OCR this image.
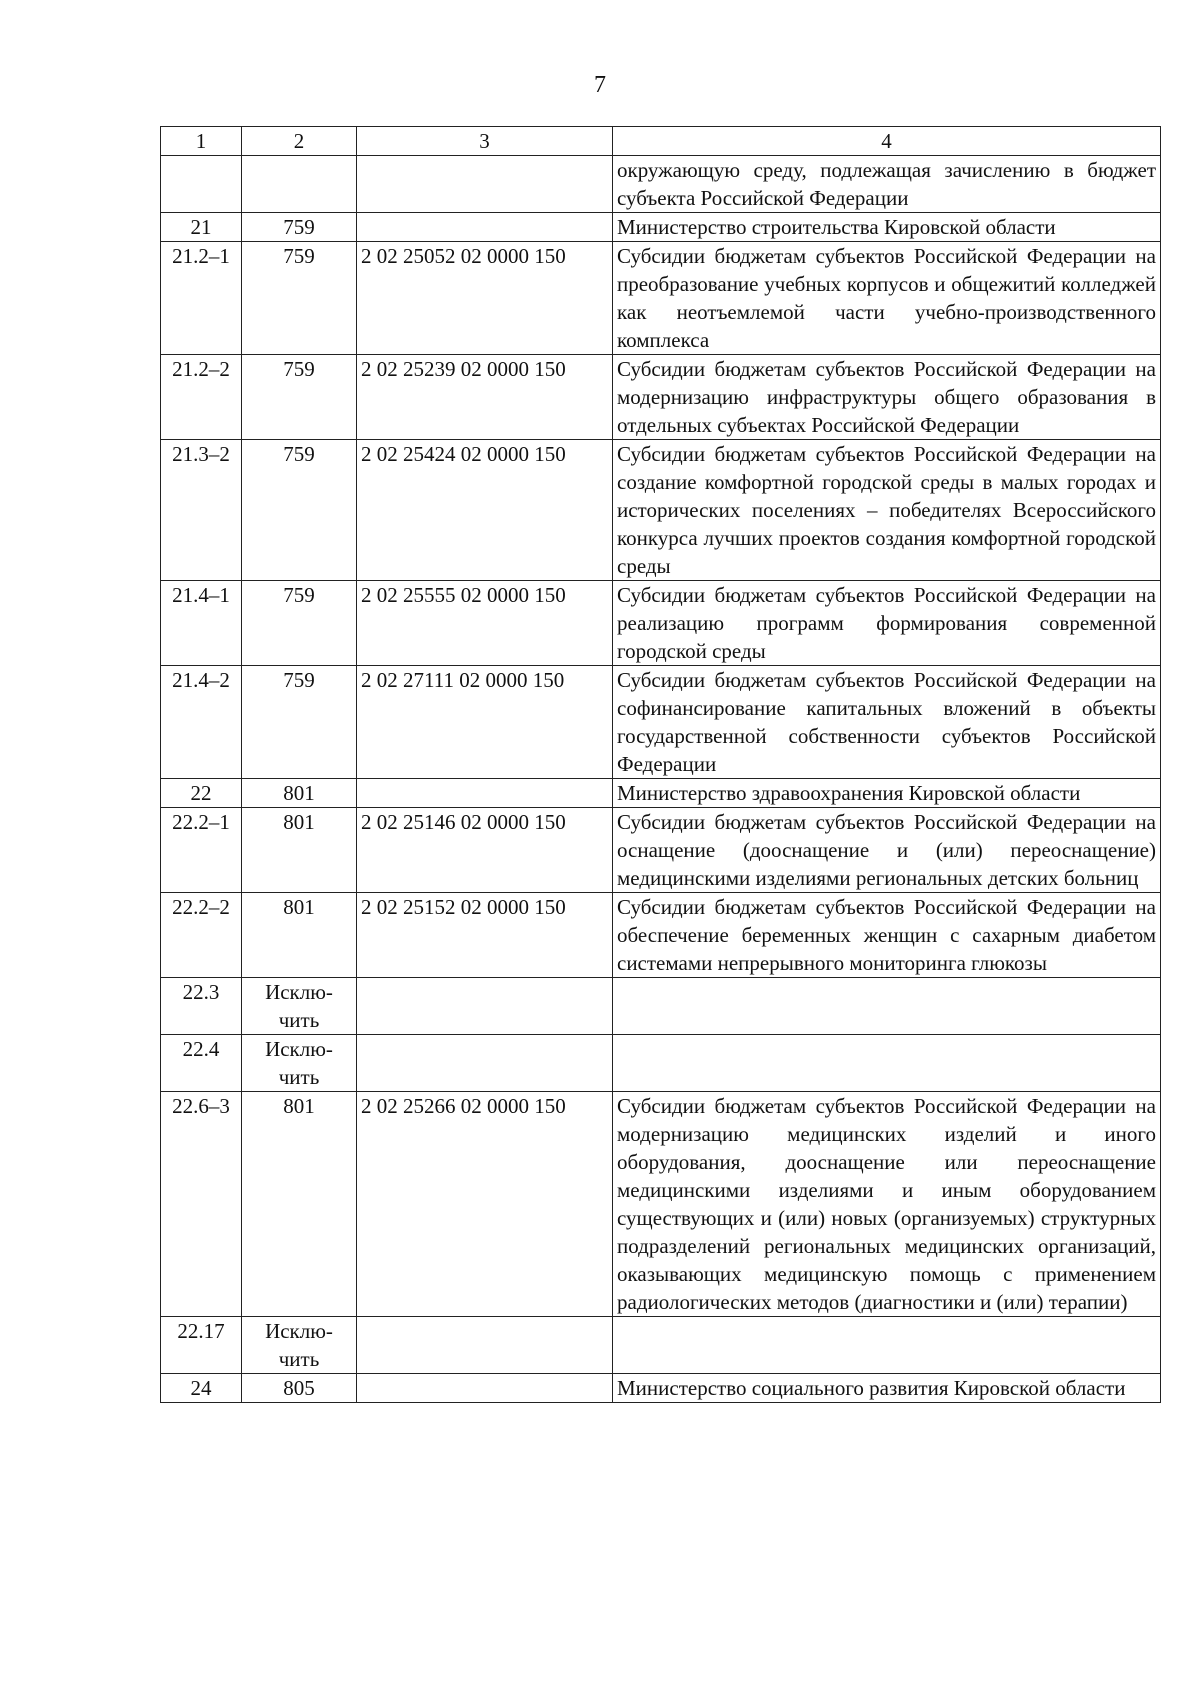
7
1	2	3	4
			окружающую среду, подлежащая зачислению в бюджет субъекта Российской Федерации
21	759		Министерство строительства Кировской области
21.2–1	759	2 02 25052 02 0000 150	Субсидии бюджетам субъектов Российской Федерации на преобразование учебных корпусов и общежитий колледжей как неотъемлемой части учебно-производственного комплекса
21.2–2	759	2 02 25239 02 0000 150	Субсидии бюджетам субъектов Российской Федерации на модернизацию инфраструктуры общего образования в отдельных субъектах Российской Федерации
21.3–2	759	2 02 25424 02 0000 150	Субсидии бюджетам субъектов Российской Федерации на создание комфортной городской среды в малых городах и исторических поселениях – победителях Всероссийского конкурса лучших проектов создания комфортной городской среды
21.4–1	759	2 02 25555 02 0000 150	Субсидии бюджетам субъектов Российской Федерации на реализацию программ формирования современной городской среды
21.4–2	759	2 02 27111 02 0000 150	Субсидии бюджетам субъектов Российской Федерации на софинансирование капитальных вложений в объекты государственной собственности субъектов Российской Федерации
22	801		Министерство здравоохранения Кировской области
22.2–1	801	2 02 25146 02 0000 150	Субсидии бюджетам субъектов Российской Федерации на оснащение (дооснащение и (или) переоснащение) медицинскими изделиями региональных детских больниц
22.2–2	801	2 02 25152 02 0000 150	Субсидии бюджетам субъектов Российской Федерации на обеспечение беременных женщин с сахарным диабетом системами непрерывного мониторинга глюкозы
22.3	Исклю-
чить		
22.4	Исклю-
чить		
22.6–3	801	2 02 25266 02 0000 150	Субсидии бюджетам субъектов Российской Федерации на модернизацию медицинских изделий и иного оборудования, дооснащение или переоснащение медицинскими изделиями и иным оборудованием существующих и (или) новых (организуемых) структурных подразделений региональных медицинских организаций, оказывающих медицинскую помощь с применением радиологических методов (диагностики и (или) терапии)
22.17	Исклю-
чить		
24	805		Министерство социального развития Кировской области
